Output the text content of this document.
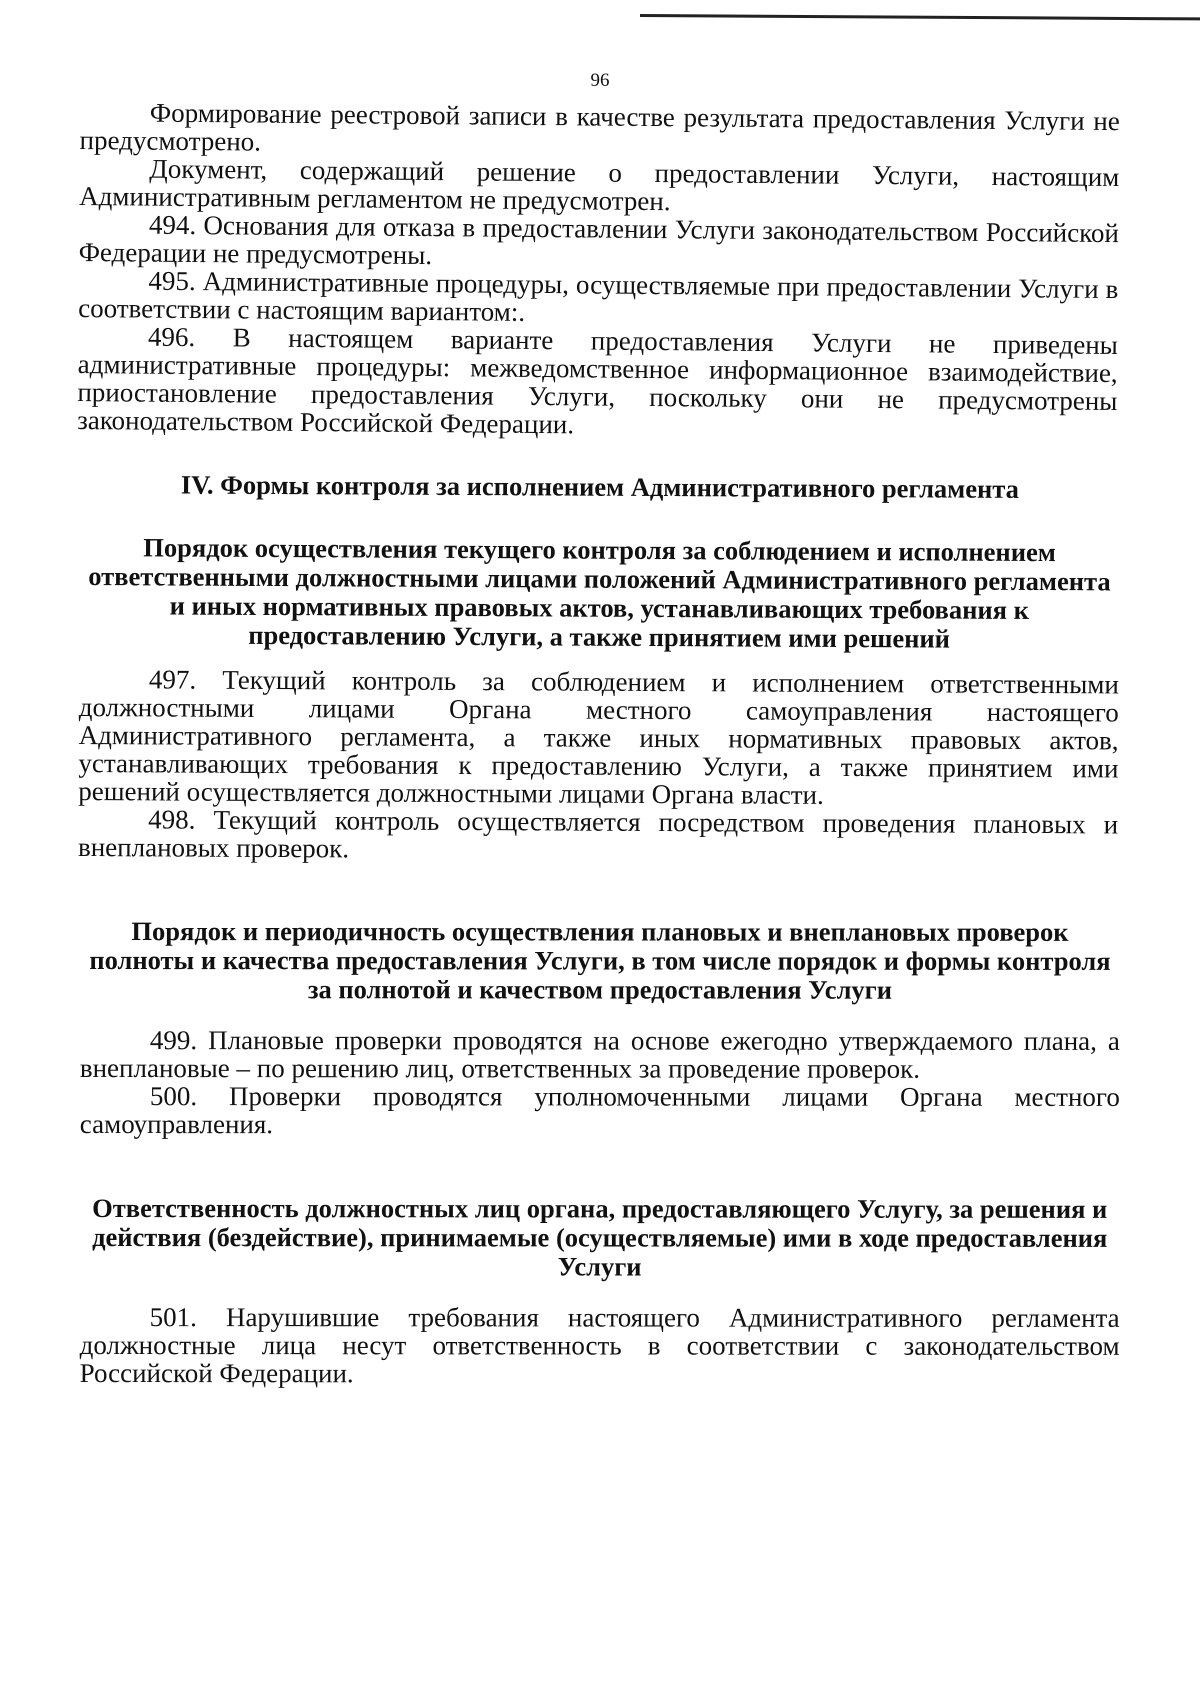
96

Формирование реестровой записи в качестве результата предоставления Услуги не предусмотрено.

Документ, содержащий решение о предоставлении Услуги, настоящим Административным регламентом не предусмотрен.

494. Основания для отказа в предоставлении Услуги законодательством Российской Федерации не предусмотрены.

495. Административные процедуры, осуществляемые при предоставлении Услуги в соответствии с настоящим вариантом:.

496. В настоящем варианте предоставления Услуги не приведены административные процедуры: межведомственное информационное взаимодействие, приостановление предоставления Услуги, поскольку они не предусмотрены законодательством Российской Федерации.

IV. Формы контроля за исполнением Административного регламента
Порядок осуществления текущего контроля за соблюдением и исполнением ответственными должностными лицами положений Административного регламента и иных нормативных правовых актов, устанавливающих требования к предоставлению Услуги, а также принятием ими решений

497. Текущий контроль за соблюдением и исполнением ответственными должностными лицами Органа местного самоуправления настоящего Административного регламента, а также иных нормативных правовых актов, устанавливающих требования к предоставлению Услуги, а также принятием ими решений осуществляется должностными лицами Органа власти.

498. Текущий контроль осуществляется посредством проведения плановых и внеплановых проверок.

Порядок и периодичность осуществления плановых и внеплановых проверок полноты и качества предоставления Услуги, в том числе порядок и формы контроля за полнотой и качеством предоставления Услуги

499. Плановые проверки проводятся на основе ежегодно утверждаемого плана, а внеплановые – по решению лиц, ответственных за проведение проверок.

500. Проверки проводятся уполномоченными лицами Органа местного самоуправления.

Ответственность должностных лиц органа, предоставляющего Услугу, за решения и действия (бездействие), принимаемые (осуществляемые) ими в ходе предоставления Услуги

501. Нарушившие требования настоящего Административного регламента должностные лица несут ответственность в соответствии с законодательством Российской Федерации.
